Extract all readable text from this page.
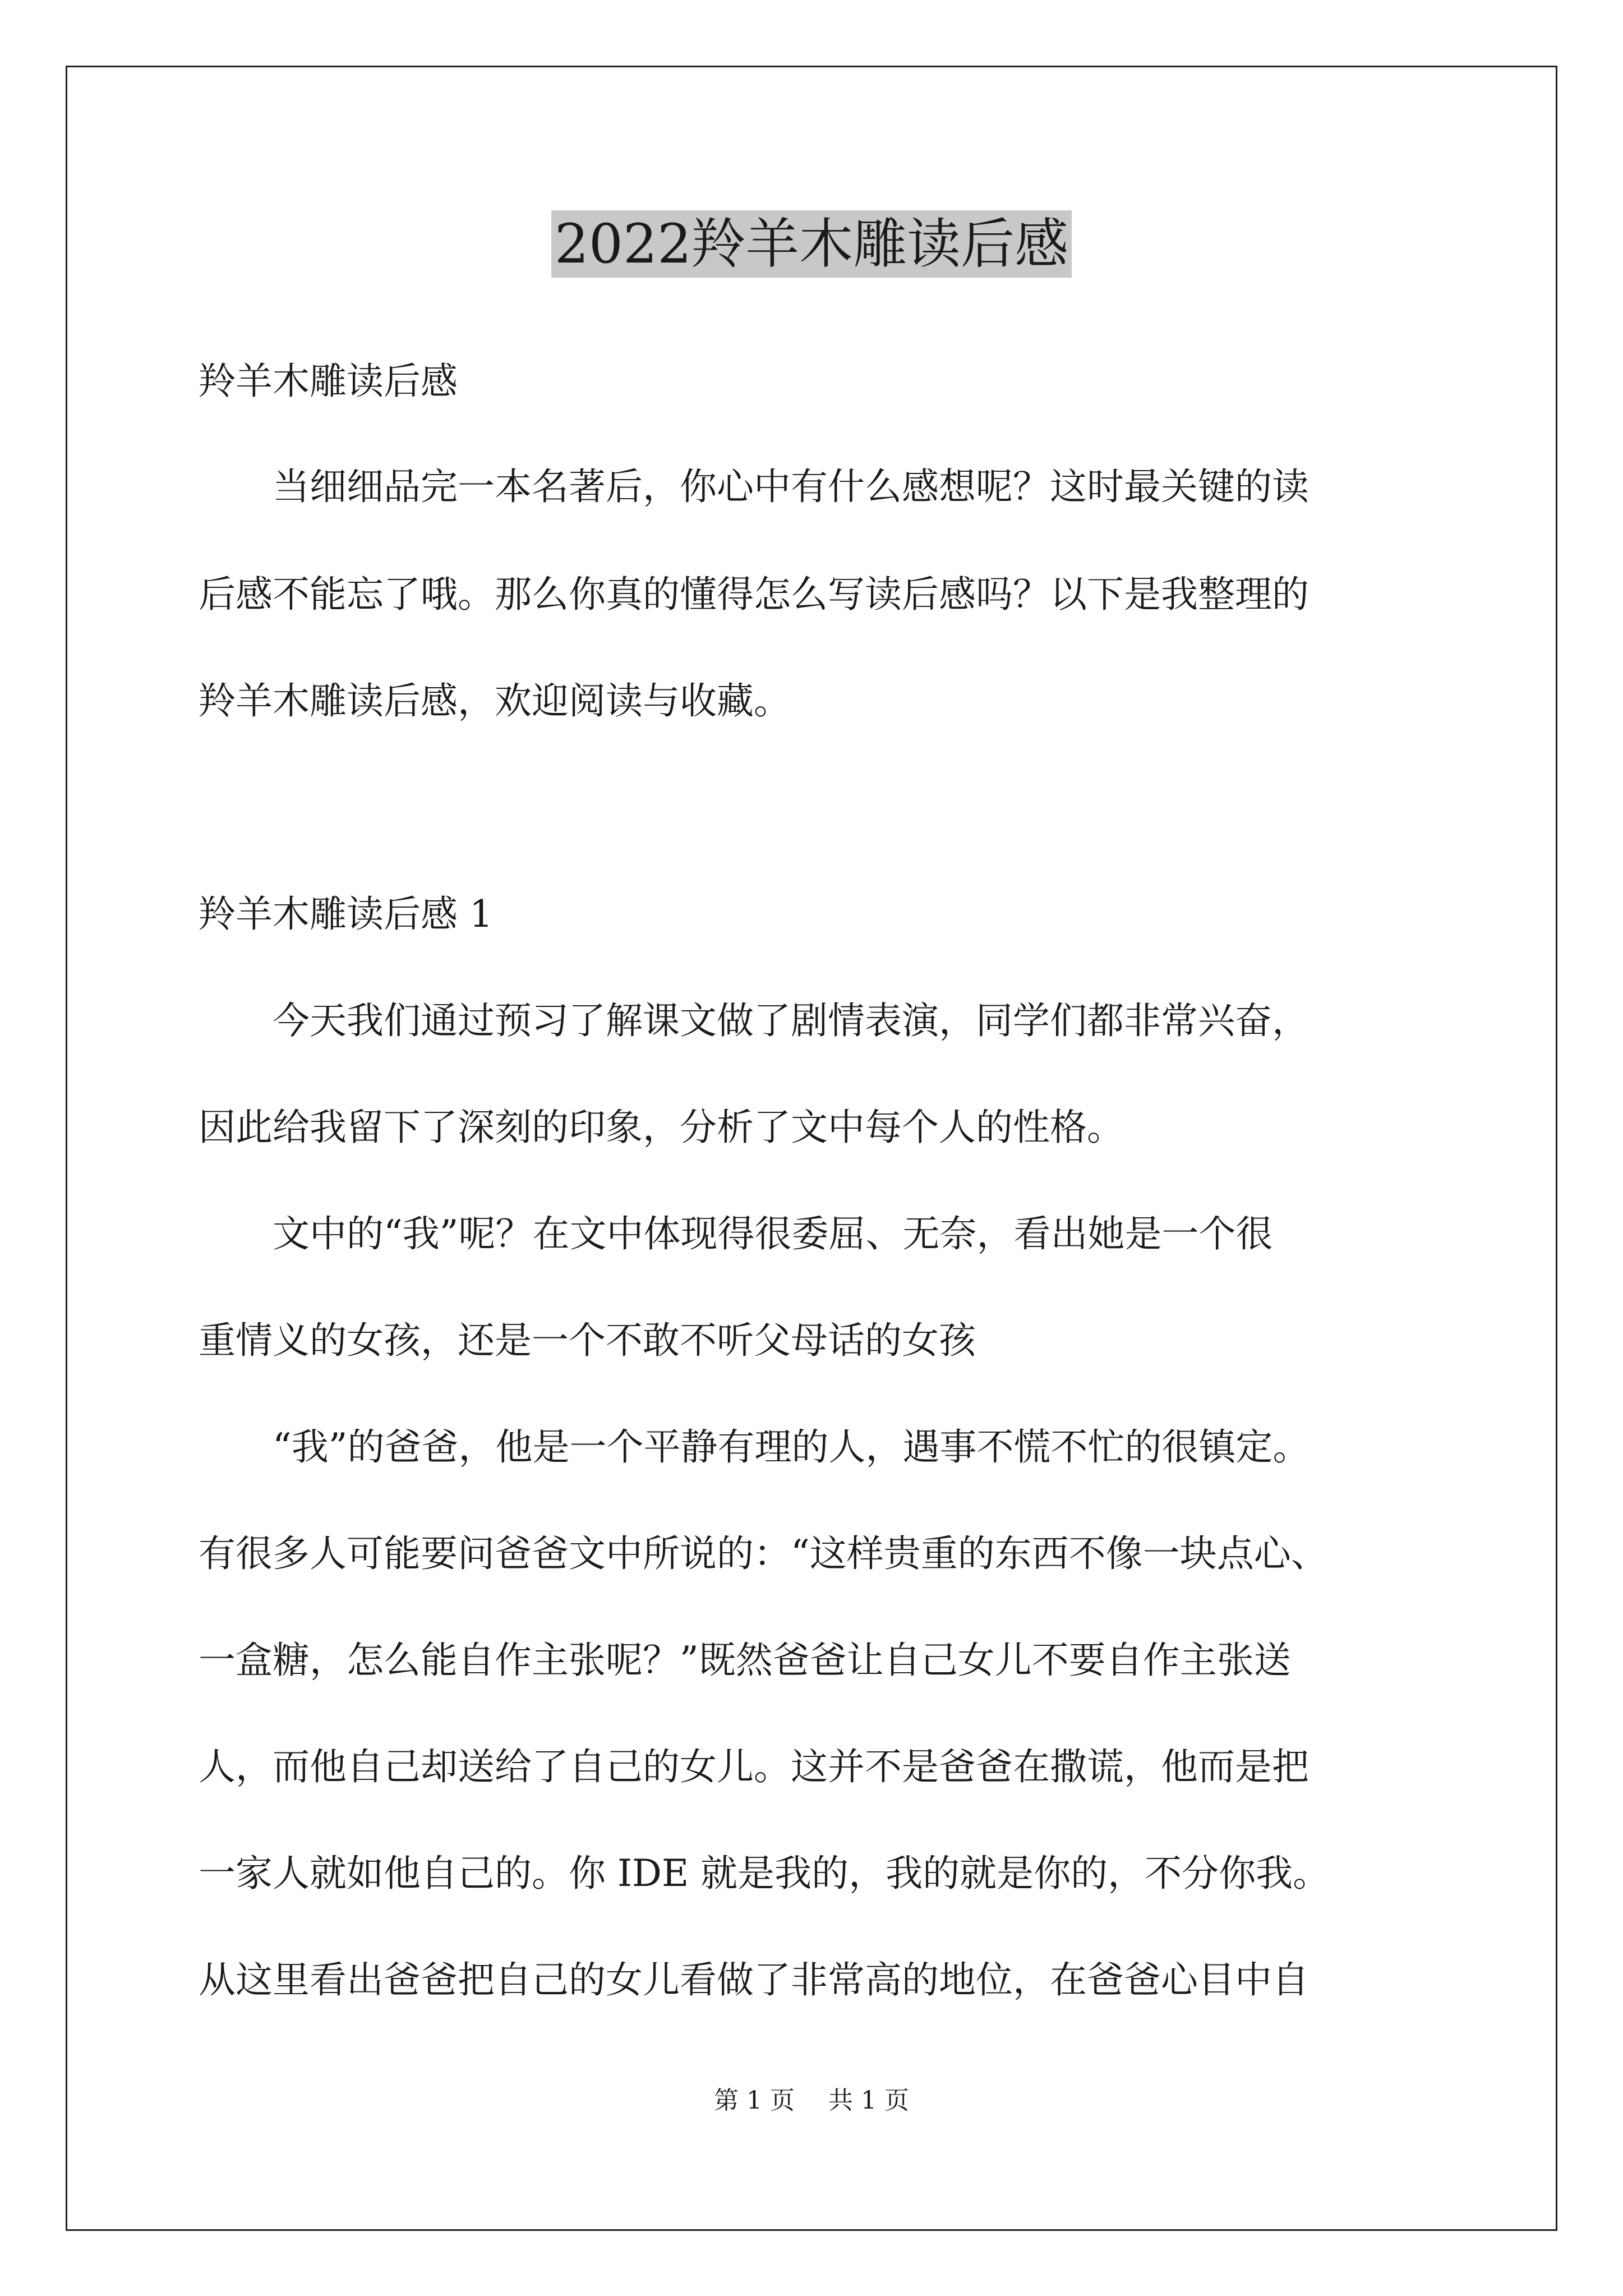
2022羚羊木雕读后感

羚羊木雕读后感

　　当细细品完一本名著后，你心中有什么感想呢？这时最关键的读

后感不能忘了哦。那么你真的懂得怎么写读后感吗？以下是我整理的

羚羊木雕读后感，欢迎阅读与收藏。

羚羊木雕读后感 1

　　今天我们通过预习了解课文做了剧情表演，同学们都非常兴奋，

因此给我留下了深刻的印象，分析了文中每个人的性格。

　　文中的“我”呢？在文中体现得很委屈、无奈，看出她是一个很

重情义的女孩，还是一个不敢不听父母话的女孩

　　“我”的爸爸，他是一个平静有理的人，遇事不慌不忙的很镇定。

有很多人可能要问爸爸文中所说的：“这样贵重的东西不像一块点心、

一盒糖，怎么能自作主张呢？”既然爸爸让自己女儿不要自作主张送

人，而他自己却送给了自己的女儿。这并不是爸爸在撒谎，他而是把

一家人就如他自己的。你 IDE 就是我的，我的就是你的，不分你我。

从这里看出爸爸把自己的女儿看做了非常高的地位，在爸爸心目中自

第 1 页 共 1 页
